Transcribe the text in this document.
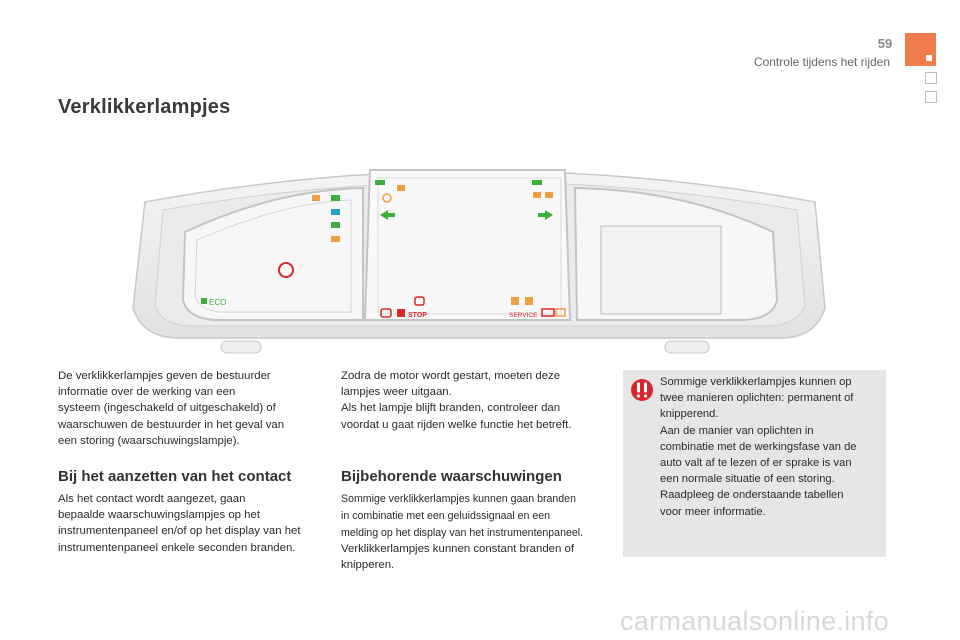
59
Controle tijdens het rijden
Verklikkerlampjes
ECO
STOP	SERVICE
De verklikkerlampjes geven de bestuurder
informatie over de werking van een
systeem (ingeschakeld of uitgeschakeld) of
waarschuwen de bestuurder in het geval van
een storing (waarschuwingslampje).
Bij het aanzetten van het contact
Als het contact wordt aangezet, gaan
bepaalde waarschuwingslampjes op het
instrumentenpaneel en/of op het display van het
instrumentenpaneel enkele seconden branden.
Zodra de motor wordt gestart, moeten deze
lampjes weer uitgaan.
Als het lampje blijft branden, controleer dan
voordat u gaat rijden welke functie het betreft.
Bijbehorende waarschuwingen
Sommige verklikkerlampjes kunnen gaan branden
in combinatie met een geluidssignaal en een
melding op het display van het instrumentenpaneel.
Verklikkerlampjes kunnen constant branden of
knipperen.
Sommige verklikkerlampjes kunnen op
twee manieren oplichten: permanent of
knipperend.
Aan de manier van oplichten in
combinatie met de werkingsfase van de
auto valt af te lezen of er sprake is van
een normale situatie of een storing.
Raadpleeg de onderstaande tabellen
voor meer informatie.
carmanualsonline.info
